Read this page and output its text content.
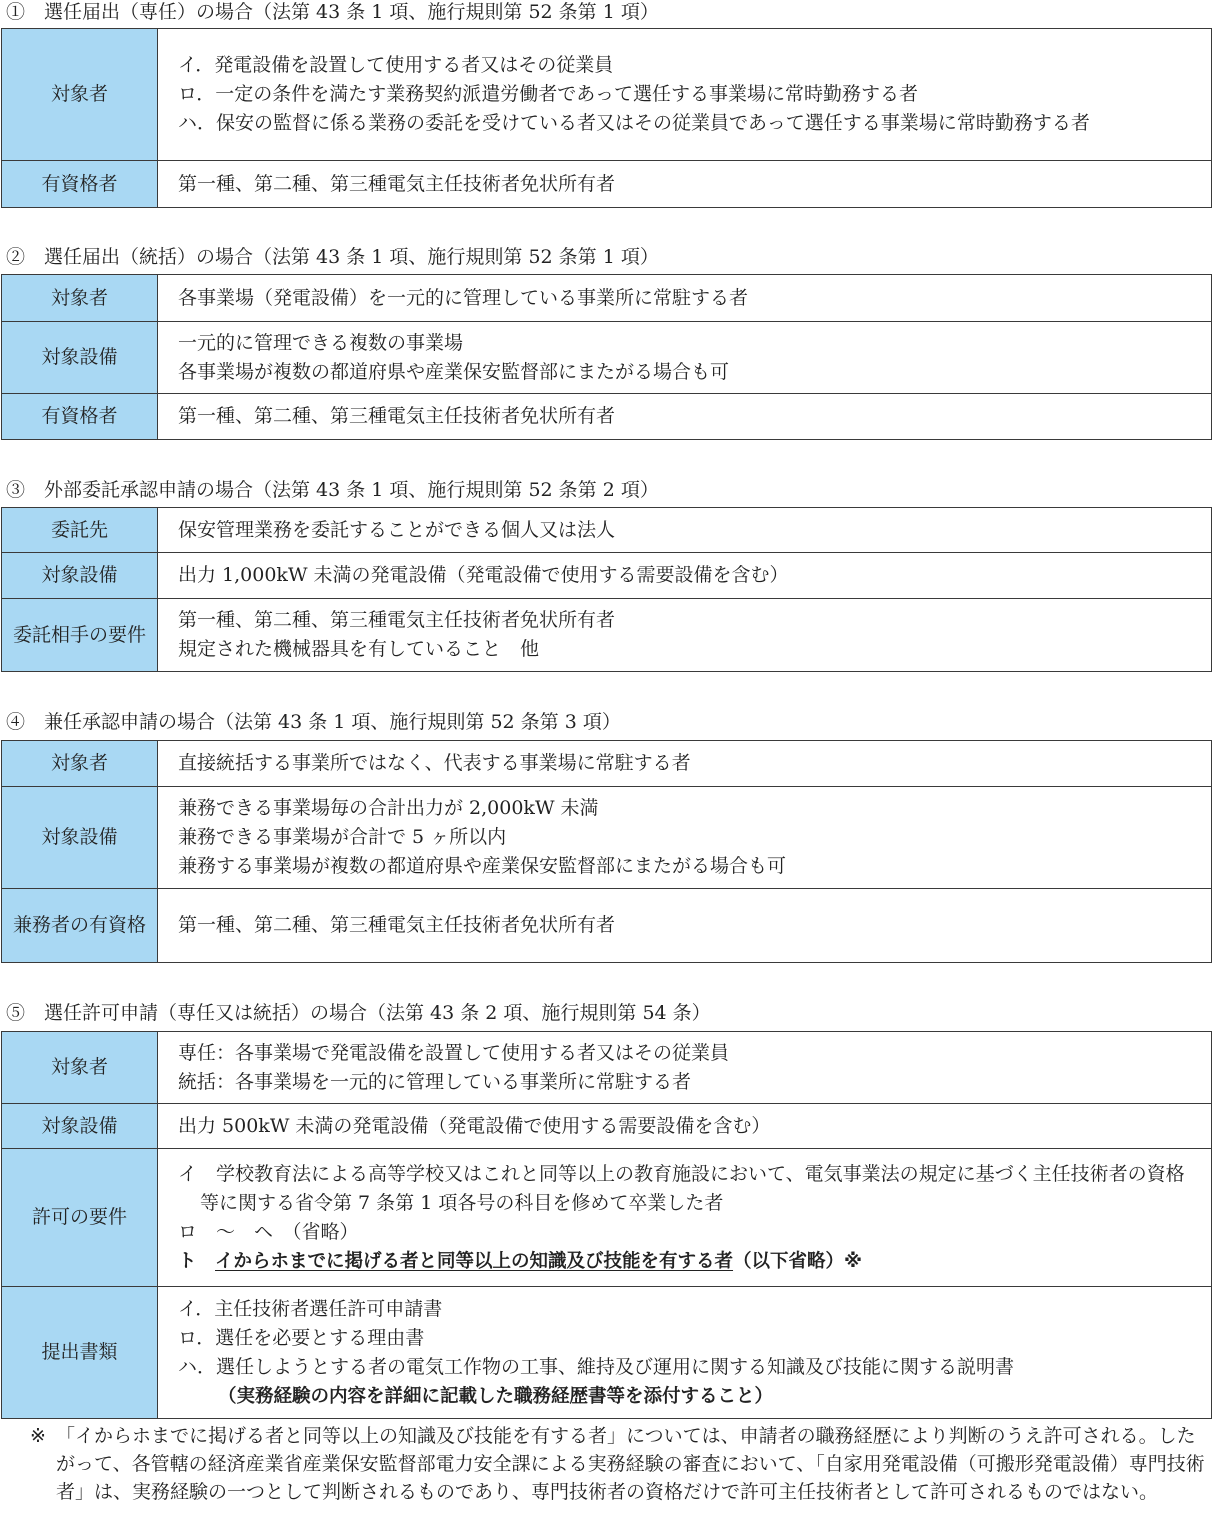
①　選任届出（専任）の場合（法第 43 条 1 項、施行規則第 52 条第 1 項）
対象者	イ．発電設備を設置して使用する者又はその従業員
ロ．一定の条件を満たす業務契約派遣労働者であって選任する事業場に常時勤務する者
ハ．保安の監督に係る業務の委託を受けている者又はその従業員であって選任する事業場に常時勤務する者

有資格者	第一種、第二種、第三種電気主任技術者免状所有者
②　選任届出（統括）の場合（法第 43 条 1 項、施行規則第 52 条第 1 項）
対象者	各事業場（発電設備）を一元的に管理している事業所に常駐する者

対象設備	一元的に管理できる複数の事業場
各事業場が複数の都道府県や産業保安監督部にまたがる場合も可

有資格者	第一種、第二種、第三種電気主任技術者免状所有者
③　外部委託承認申請の場合（法第 43 条 1 項、施行規則第 52 条第 2 項）
委託先	保安管理業務を委託することができる個人又は法人

対象設備	出力 1,000kW 未満の発電設備（発電設備で使用する需要設備を含む）

委託相手の要件	第一種、第二種、第三種電気主任技術者免状所有者
規定された機械器具を有していること　他
④　兼任承認申請の場合（法第 43 条 1 項、施行規則第 52 条第 3 項）
対象者	直接統括する事業所ではなく、代表する事業場に常駐する者

対象設備	兼務できる事業場毎の合計出力が 2,000kW 未満
兼務できる事業場が合計で 5 ヶ所以内
兼務する事業場が複数の都道府県や産業保安監督部にまたがる場合も可

兼務者の有資格	第一種、第二種、第三種電気主任技術者免状所有者
⑤　選任許可申請（専任又は統括）の場合（法第 43 条 2 項、施行規則第 54 条）
対象者	専任：各事業場で発電設備を設置して使用する者又はその従業員
統括：各事業場を一元的に管理している事業所に常駐する者

対象設備	出力 500kW 未満の発電設備（発電設備で使用する需要設備を含む）

許可の要件	イ　学校教育法による高等学校又はこれと同等以上の教育施設において、電気事業法の規定に基づく主任技術者の資格等に関する省令第 7 条第 1 項各号の科目を修めて卒業した者
ロ　〜　ヘ　（省略）
ト　イからホまでに掲げる者と同等以上の知識及び技能を有する者（以下省略）※

提出書類	イ．主任技術者選任許可申請書
ロ．選任を必要とする理由書
ハ．選任しようとする者の電気工作物の工事、維持及び運用に関する知識及び技能に関する説明書
（実務経験の内容を詳細に記載した職務経歴書等を添付すること）
※ 「イからホまでに掲げる者と同等以上の知識及び技能を有する者」については、申請者の職務経歴により判断のうえ許可される。したがって、各管轄の経済産業省産業保安監督部電力安全課による実務経験の審査において、「自家用発電設備（可搬形発電設備）専門技術者」は、実務経験の一つとして判断されるものであり、専門技術者の資格だけで許可主任技術者として許可されるものではない。
